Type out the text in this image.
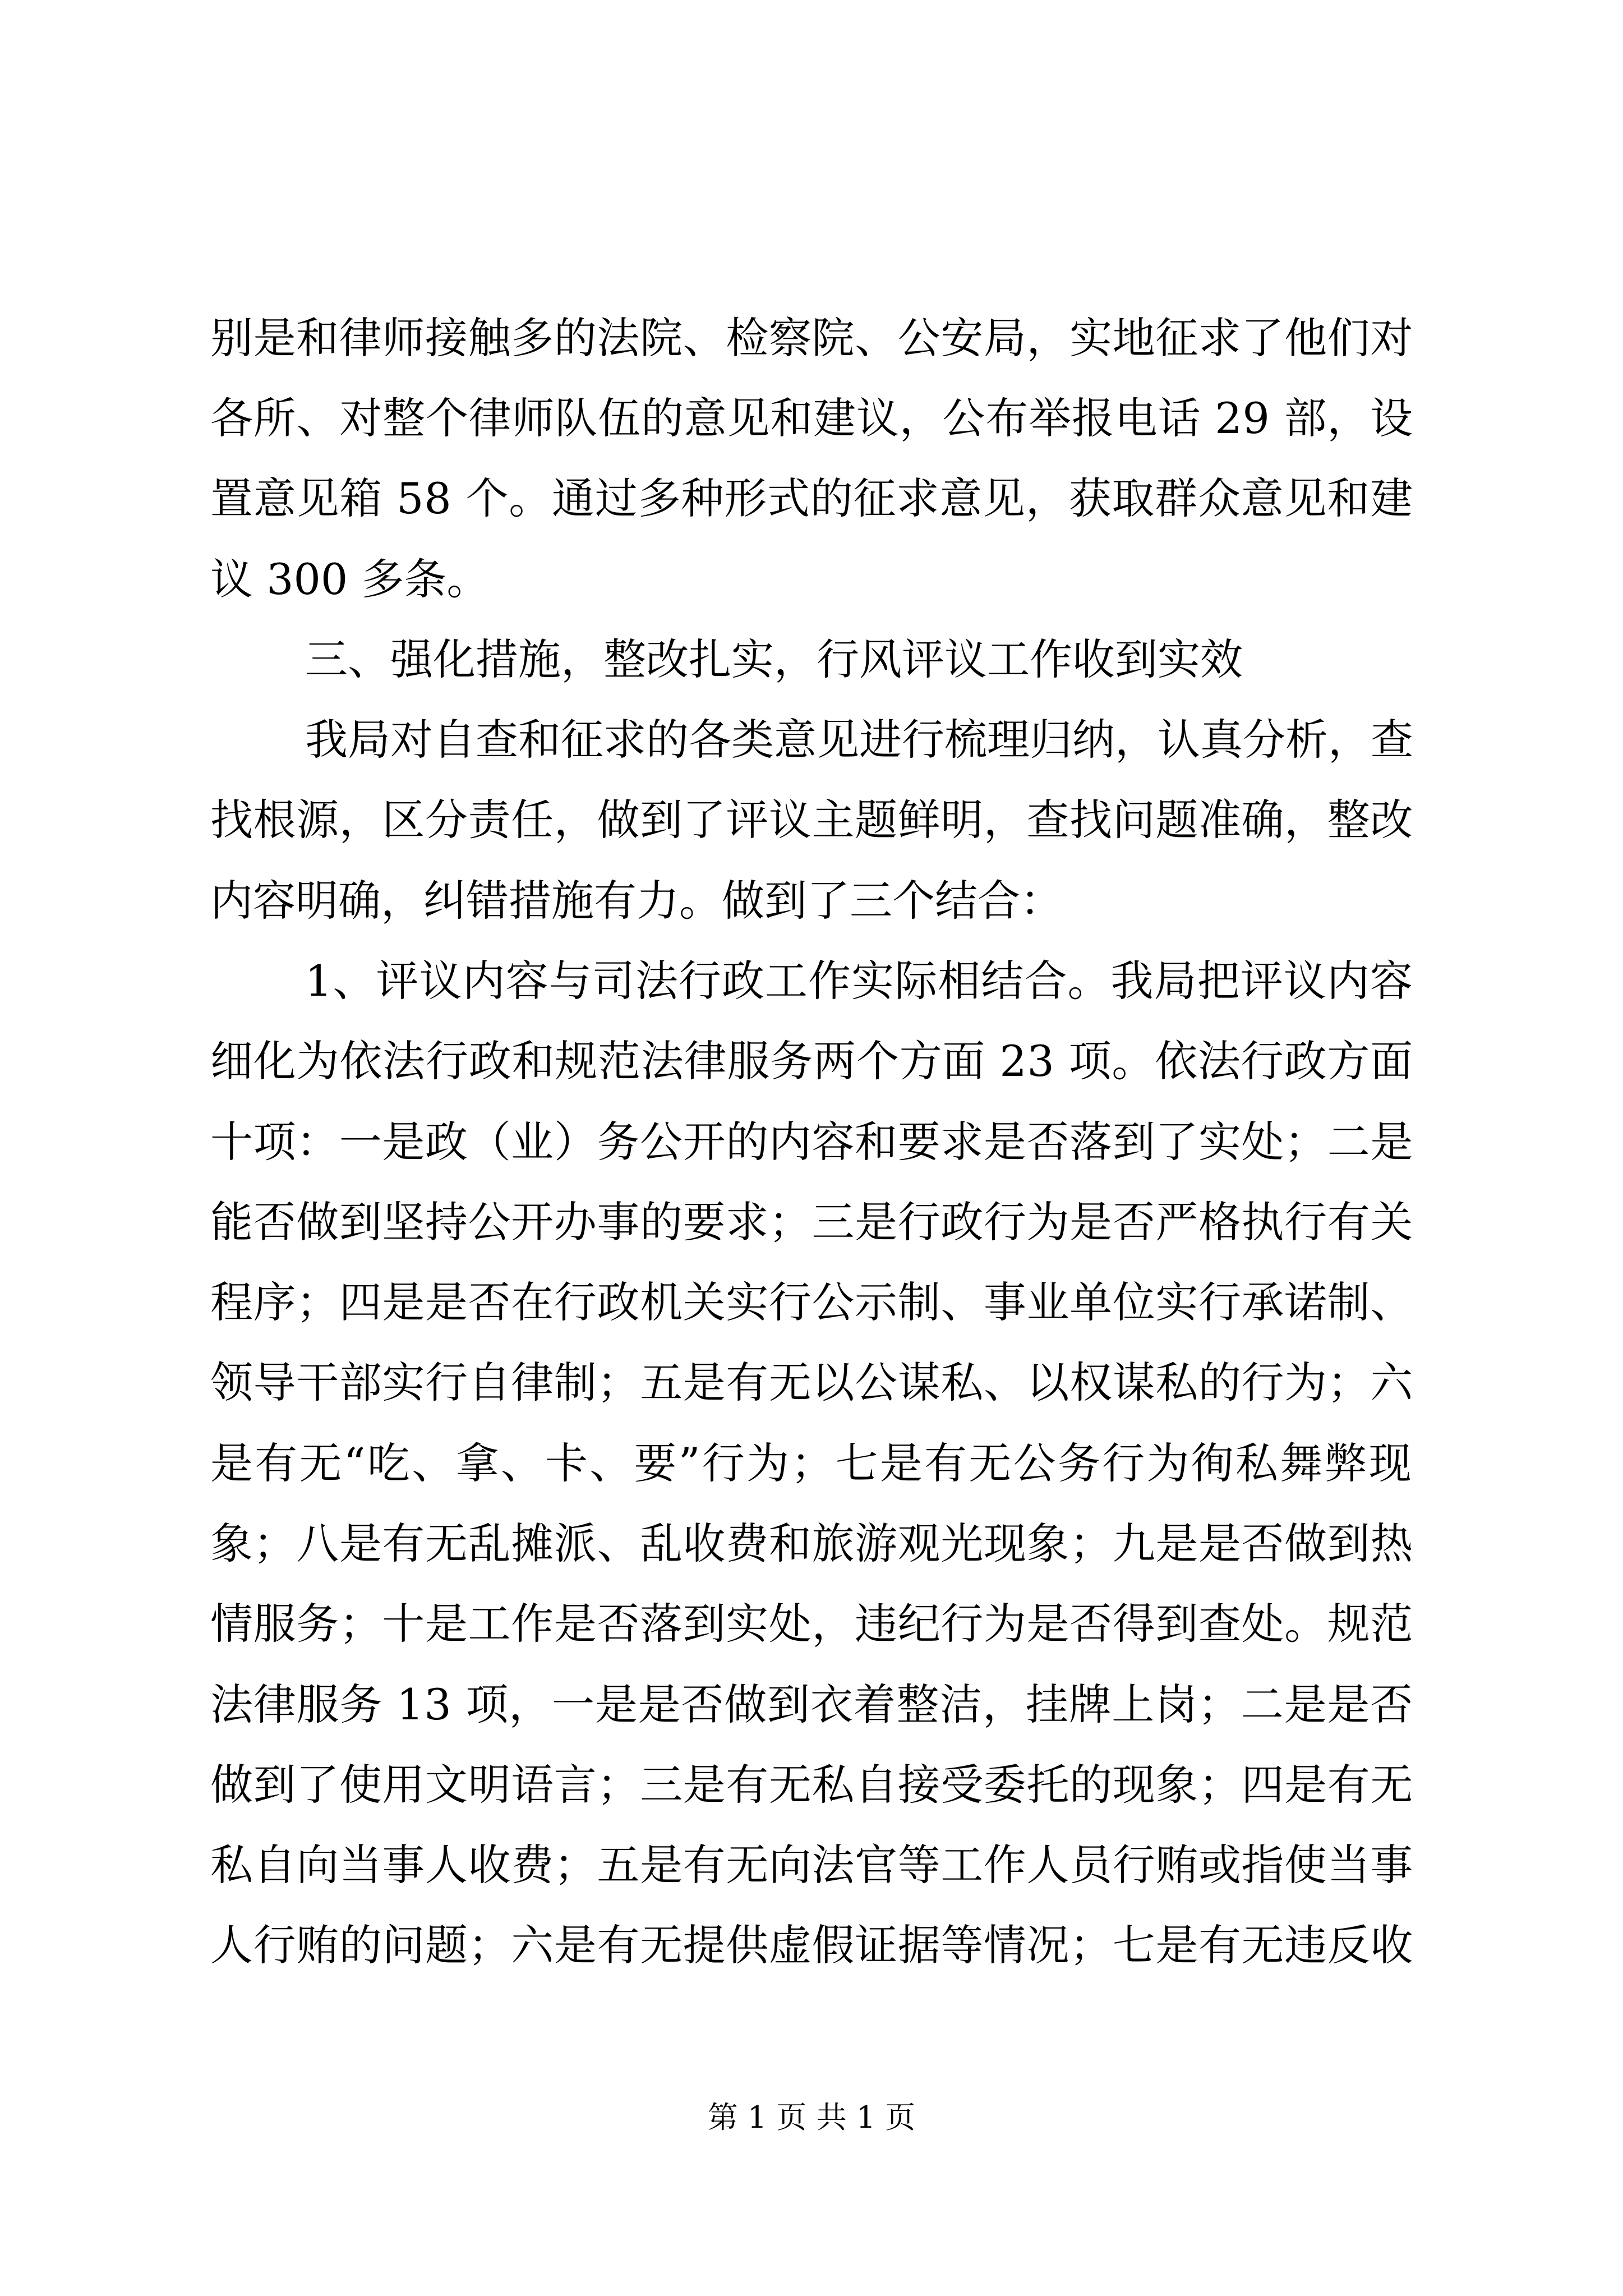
别是和律师接触多的法院、检察院、公安局，实地征求了他们对
各所、对整个律师队伍的意见和建议，公布举报电话 29 部，设
置意见箱 58 个。通过多种形式的征求意见，获取群众意见和建
议 300 多条。
三、强化措施，整改扎实，行风评议工作收到实效
我局对自查和征求的各类意见进行梳理归纳，认真分析，查
找根源，区分责任，做到了评议主题鲜明，查找问题准确，整改
内容明确，纠错措施有力。做到了三个结合：
1、评议内容与司法行政工作实际相结合。我局把评议内容
细化为依法行政和规范法律服务两个方面 23 项。依法行政方面
十项：一是政（业）务公开的内容和要求是否落到了实处；二是
能否做到坚持公开办事的要求；三是行政行为是否严格执行有关
程序；四是是否在行政机关实行公示制、事业单位实行承诺制、
领导干部实行自律制；五是有无以公谋私、以权谋私的行为；六
是有无“吃、拿、卡、要”行为；七是有无公务行为徇私舞弊现
象；八是有无乱摊派、乱收费和旅游观光现象；九是是否做到热
情服务；十是工作是否落到实处，违纪行为是否得到查处。规范
法律服务 13 项，一是是否做到衣着整洁，挂牌上岗；二是是否
做到了使用文明语言；三是有无私自接受委托的现象；四是有无
私自向当事人收费；五是有无向法官等工作人员行贿或指使当事
人行贿的问题；六是有无提供虚假证据等情况；七是有无违反收
第 1 页 共 1 页
